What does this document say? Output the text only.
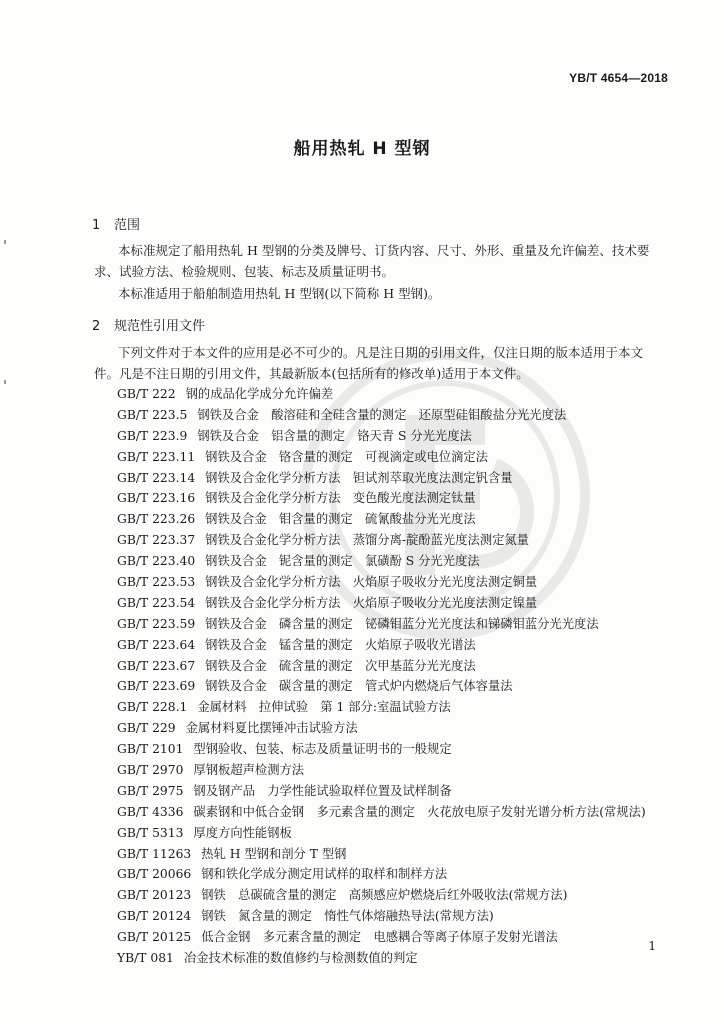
YB/T 4654—2018
船用热轧 H 型钢
1 范围
本标准规定了船用热轧 H 型钢的分类及牌号、订货内容、尺寸、外形、重量及允许偏差、技术要求、试验方法、检验规则、包装、标志及质量证明书。
本标准适用于船舶制造用热轧 H 型钢(以下简称 H 型钢)。
2 规范性引用文件
下列文件对于本文件的应用是必不可少的。凡是注日期的引用文件，仅注日期的版本适用于本文件。凡是不注日期的引用文件，其最新版本(包括所有的修改单)适用于本文件。
GB/T 222 钢的成品化学成分允许偏差
GB/T 223.5 钢铁及合金　酸溶硅和全硅含量的测定　还原型硅钼酸盐分光光度法
GB/T 223.9 钢铁及合金　铝含量的测定　铬天青 S 分光光度法
GB/T 223.11 钢铁及合金　铬含量的测定　可视滴定或电位滴定法
GB/T 223.14 钢铁及合金化学分析方法　钽试剂萃取光度法测定钒含量
GB/T 223.16 钢铁及合金化学分析方法　变色酸光度法测定钛量
GB/T 223.26 钢铁及合金　钼含量的测定　硫氰酸盐分光光度法
GB/T 223.37 钢铁及合金化学分析方法　蒸馏分离-靛酚蓝光度法测定氮量
GB/T 223.40 钢铁及合金　铌含量的测定　氯磺酚 S 分光光度法
GB/T 223.53 钢铁及合金化学分析方法　火焰原子吸收分光光度法测定铜量
GB/T 223.54 钢铁及合金化学分析方法　火焰原子吸收分光光度法测定镍量
GB/T 223.59 钢铁及合金　磷含量的测定　铋磷钼蓝分光光度法和锑磷钼蓝分光光度法
GB/T 223.64 钢铁及合金　锰含量的测定　火焰原子吸收光谱法
GB/T 223.67 钢铁及合金　硫含量的测定　次甲基蓝分光光度法
GB/T 223.69 钢铁及合金　碳含量的测定　管式炉内燃烧后气体容量法
GB/T 228.1 金属材料　拉伸试验　第 1 部分:室温试验方法
GB/T 229 金属材料夏比摆锤冲击试验方法
GB/T 2101 型钢验收、包装、标志及质量证明书的一般规定
GB/T 2970 厚钢板超声检测方法
GB/T 2975 钢及钢产品　力学性能试验取样位置及试样制备
GB/T 4336 碳素钢和中低合金钢　多元素含量的测定　火花放电原子发射光谱分析方法(常规法)
GB/T 5313 厚度方向性能钢板
GB/T 11263 热轧 H 型钢和剖分 T 型钢
GB/T 20066 钢和铁化学成分测定用试样的取样和制样方法
GB/T 20123 钢铁　总碳硫含量的测定　高频感应炉燃烧后红外吸收法(常规方法)
GB/T 20124 钢铁　氮含量的测定　惰性气体熔融热导法(常规方法)
GB/T 20125 低合金钢　多元素含量的测定　电感耦合等离子体原子发射光谱法
YB/T 081 冶金技术标准的数值修约与检测数值的判定
1
